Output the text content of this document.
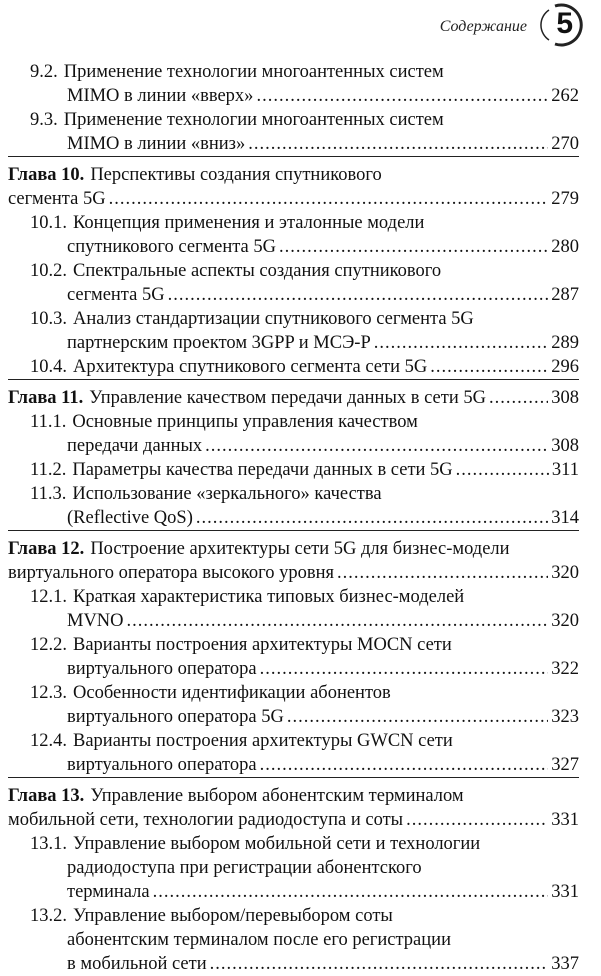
Содержание 5
9.2. Применение технологии многоантенных систем
MIMO в линии «вверх» .....	262
9.3. Применение технологии многоантенных систем
MIMO в линии «вниз» .....	270
Глава 10. Перспективы создания спутникового
сегмента 5G .....	279
10.1. Концепция применения и эталонные модели
спутникового сегмента 5G .....	280
10.2. Спектральные аспекты создания спутникового
сегмента 5G .....	287
10.3. Анализ стандартизации спутникового сегмента 5G
партнерским проектом 3GPP и МСЭ-Р .....	289
10.4. Архитектура спутникового сегмента сети 5G .....	296
Глава 11. Управление качеством передачи данных в сети 5G .....	308
11.1. Основные принципы управления качеством
передачи данных .....	308
11.2. Параметры качества передачи данных в сети 5G .....	311
11.3. Использование «зеркального» качества
(Reflective QoS) .....	314
Глава 12. Построение архитектуры сети 5G для бизнес-модели
виртуального оператора высокого уровня .....	320
12.1. Краткая характеристика типовых бизнес-моделей
MVNO .....	320
12.2. Варианты построения архитектуры MOCN сети
виртуального оператора .....	322
12.3. Особенности идентификации абонентов
виртуального оператора 5G .....	323
12.4. Варианты построения архитектуры GWCN сети
виртуального оператора .....	327
Глава 13. Управление выбором абонентским терминалом
мобильной сети, технологии радиодоступа и соты .....	331
13.1. Управление выбором мобильной сети и технологии
радиодоступа при регистрации абонентского
терминала .....	331
13.2. Управление выбором/перевыбором соты
абонентским терминалом после его регистрации
в мобильной сети .....	337
